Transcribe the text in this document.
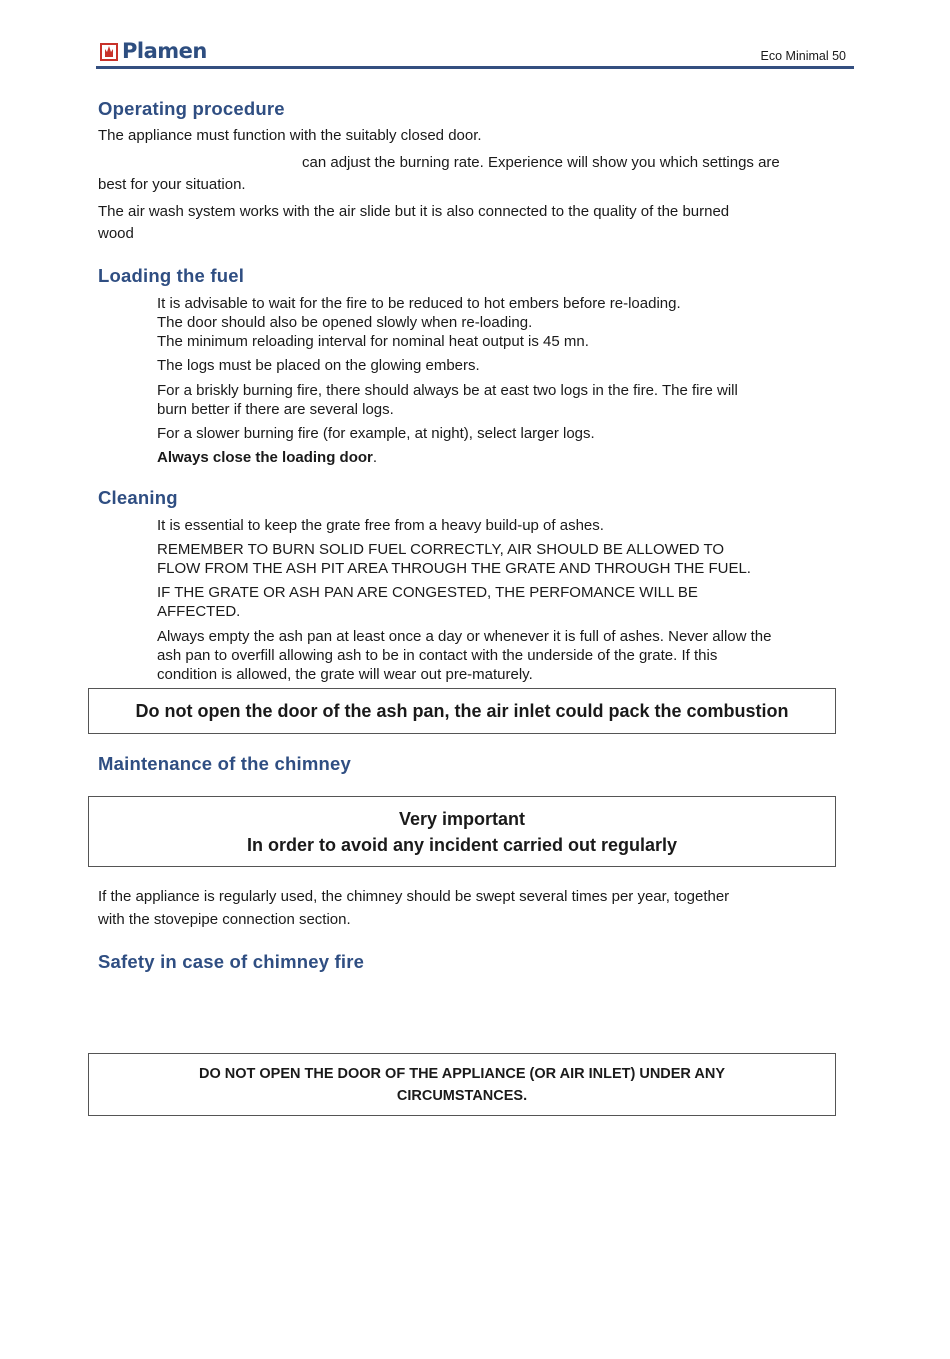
Plamen	Eco Minimal 50
Operating procedure
The appliance must function with the suitably closed door.
can adjust the burning rate. Experience will show you which settings are
best for your situation.
The air wash system works with the air slide but it is also connected to the quality of the burned
wood
Loading the fuel
It is advisable to wait for the fire to be reduced to hot embers before re-loading.
The door should also be opened slowly when re-loading.
The minimum reloading interval for nominal heat output is 45 mn.
The logs must be placed on the glowing embers.
For a briskly burning fire, there should always be at east two logs in the fire. The fire will
burn better if there are several logs.
For a slower burning fire (for example, at night), select larger logs.
Always close the loading door.
Cleaning
It is essential to keep the grate free from a heavy build-up of ashes.
REMEMBER TO BURN SOLID FUEL CORRECTLY, AIR SHOULD BE ALLOWED TO
FLOW FROM THE ASH PIT AREA THROUGH THE GRATE AND THROUGH THE FUEL.
IF THE GRATE OR ASH PAN ARE CONGESTED, THE PERFOMANCE WILL BE
AFFECTED.
Always empty the ash pan at least once a day or whenever it is full of ashes. Never allow the
ash pan to overfill allowing ash to be in contact with the underside of the grate. If this
condition is allowed, the grate will wear out pre-maturely.
Do not open the door of the ash pan, the air inlet could pack the combustion
Maintenance of the chimney
Very important
In order to avoid any incident carried out regularly
If the appliance is regularly used, the chimney should be swept several times per year, together
with the stovepipe connection section.
Safety in case of chimney fire
DO NOT OPEN THE DOOR OF THE APPLIANCE (OR AIR INLET) UNDER ANY
CIRCUMSTANCES.
